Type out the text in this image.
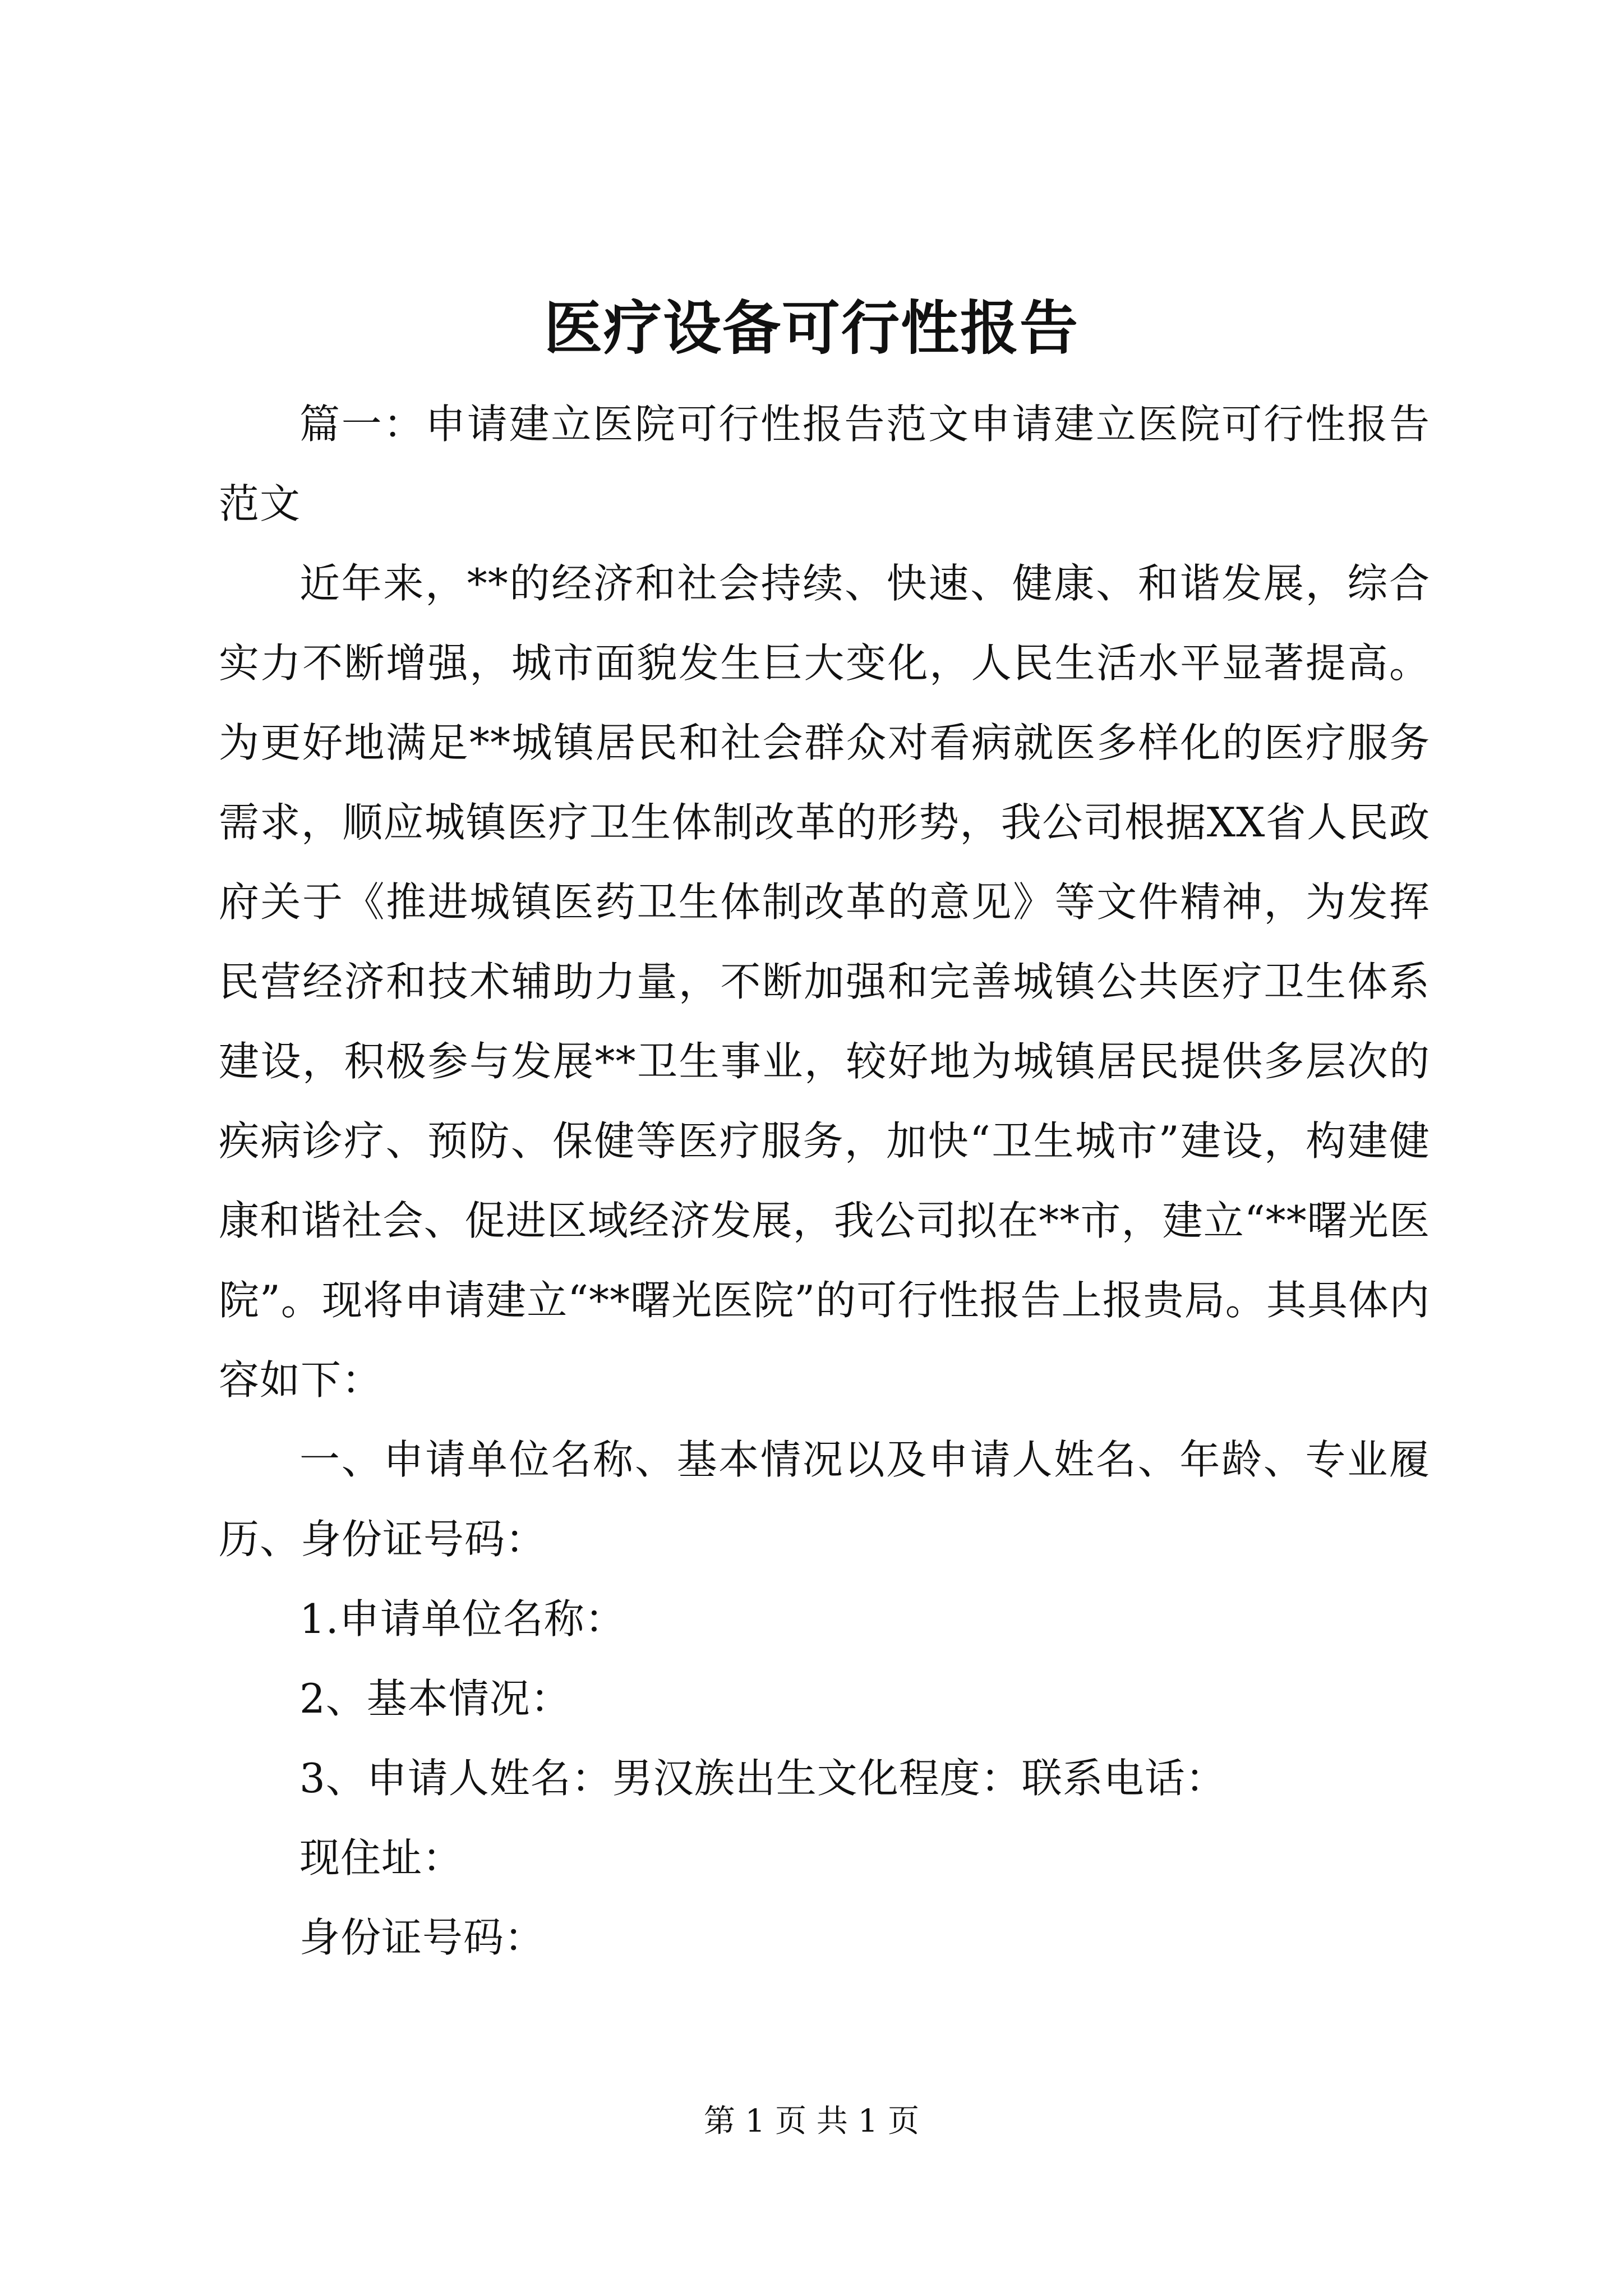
医疗设备可行性报告

篇一：申请建立医院可行性报告范文申请建立医院可行性报告范文

近年来，**的经济和社会持续、快速、健康、和谐发展，综合实力不断增强，城市面貌发生巨大变化，人民生活水平显著提高。为更好地满足**城镇居民和社会群众对看病就医多样化的医疗服务需求，顺应城镇医疗卫生体制改革的形势，我公司根据XX省人民政府关于《推进城镇医药卫生体制改革的意见》等文件精神，为发挥民营经济和技术辅助力量，不断加强和完善城镇公共医疗卫生体系建设，积极参与发展**卫生事业，较好地为城镇居民提供多层次的疾病诊疗、预防、保健等医疗服务，加快“卫生城市”建设，构建健康和谐社会、促进区域经济发展，我公司拟在**市，建立“**曙光医院”。现将申请建立“**曙光医院”的可行性报告上报贵局。其具体内容如下：

一、申请单位名称、基本情况以及申请人姓名、年龄、专业履历、身份证号码：

1.申请单位名称：

2、基本情况：

3、申请人姓名：男汉族出生文化程度：联系电话：

现住址：

身份证号码：

第 1 页 共 1 页
